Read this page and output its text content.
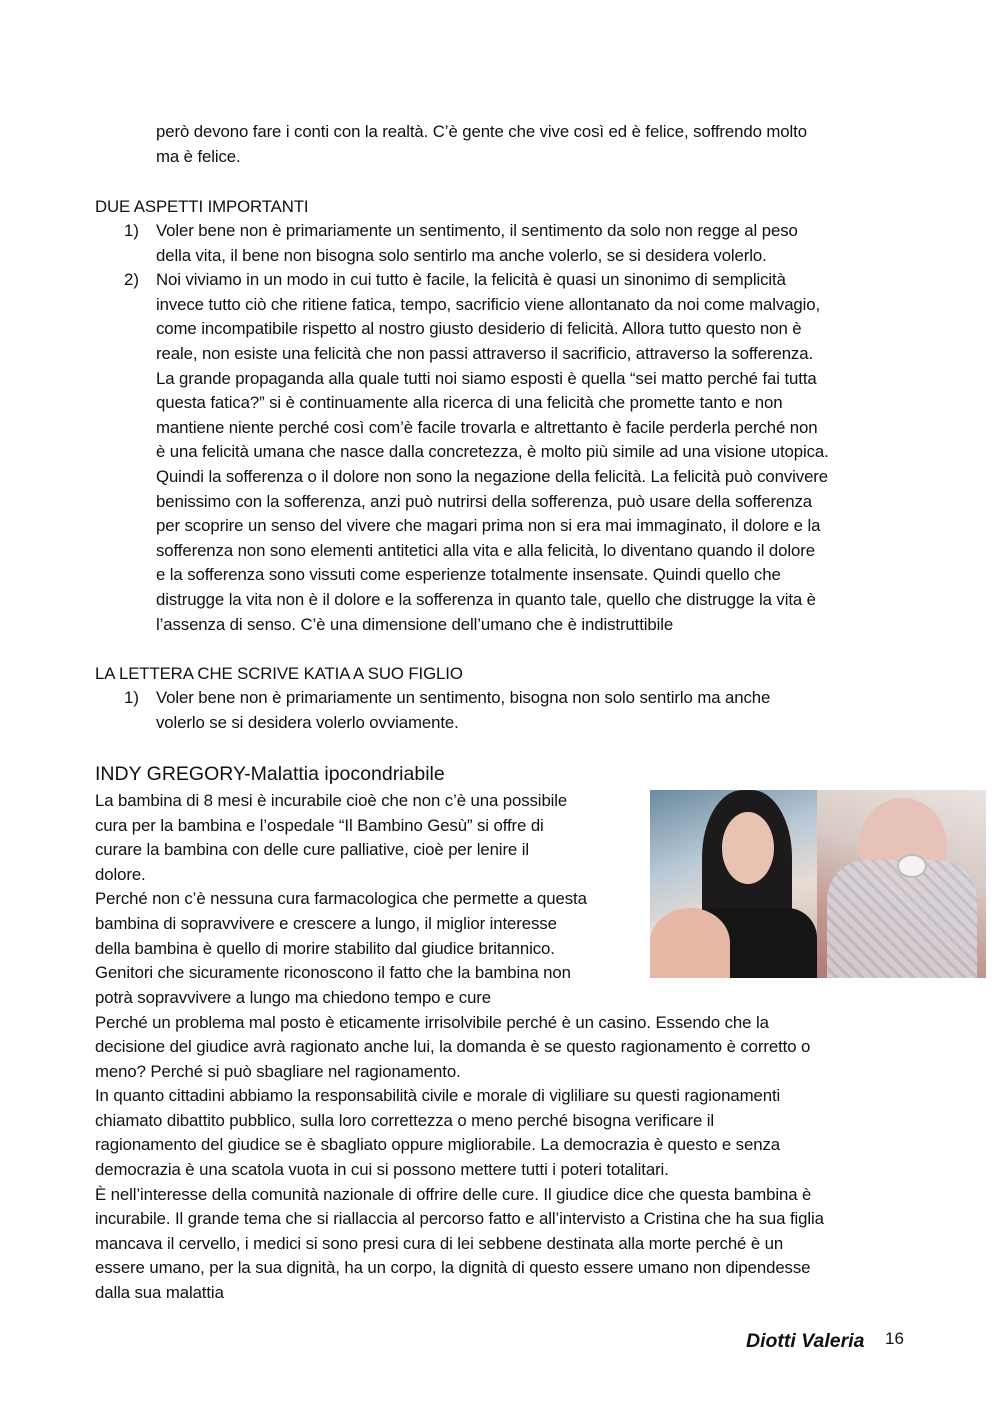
però devono fare i conti con la realtà. C’è gente che vive così ed è felice, soffrendo molto
ma è felice.
DUE ASPETTI IMPORTANTI
1) Voler bene non è primariamente un sentimento, il sentimento da solo non regge al peso
della vita, il bene non bisogna solo sentirlo ma anche volerlo, se si desidera volerlo.
2) Noi viviamo in un modo in cui tutto è facile, la felicità è quasi un sinonimo di semplicità
invece tutto ciò che ritiene fatica, tempo, sacrificio viene allontanato da noi come malvagio,
come incompatibile rispetto al nostro giusto desiderio di felicità. Allora tutto questo non è
reale, non esiste una felicità che non passi attraverso il sacrificio, attraverso la sofferenza.
La grande propaganda alla quale tutti noi siamo esposti è quella “sei matto perché fai tutta
questa fatica?” si è continuamente alla ricerca di una felicità che promette tanto e non
mantiene niente perché così com’è facile trovarla e altrettanto è facile perderla perché non
è una felicità umana che nasce dalla concretezza, è molto più simile ad una visione utopica.
Quindi la sofferenza o il dolore non sono la negazione della felicità. La felicità può convivere
benissimo con la sofferenza, anzi può nutrirsi della sofferenza, può usare della sofferenza
per scoprire un senso del vivere che magari prima non si era mai immaginato, il dolore e la
sofferenza non sono elementi antitetici alla vita e alla felicità, lo diventano quando il dolore
e la sofferenza sono vissuti come esperienze totalmente insensate. Quindi quello che
distrugge la vita non è il dolore e la sofferenza in quanto tale, quello che distrugge la vita è
l’assenza di senso. C’è una dimensione dell’umano che è indistruttibile
LA LETTERA CHE SCRIVE KATIA A SUO FIGLIO
1) Voler bene non è primariamente un sentimento, bisogna non solo sentirlo ma anche
volerlo se si desidera volerlo ovviamente.
INDY GREGORY-Malattia ipocondriabile
La bambina di 8 mesi è incurabile cioè che non c’è una possibile
cura per la bambina e l’ospedale “Il Bambino Gesù” si offre di
curare la bambina con delle cure palliative, cioè per lenire il
dolore.
Perché non c’è nessuna cura farmacologica che permette a questa
bambina di sopravvivere e crescere a lungo, il miglior interesse
della bambina è quello di morire stabilito dal giudice britannico.
Genitori che sicuramente riconoscono il fatto che la bambina non
potrà sopravvivere a lungo ma chiedono tempo e cure
Perché un problema mal posto è eticamente irrisolvibile perché è un casino. Essendo che la
decisione del giudice avrà ragionato anche lui, la domanda è se questo ragionamento è corretto o
meno? Perché si può sbagliare nel ragionamento.
In quanto cittadini abbiamo la responsabilità civile e morale di vigliliare su questi ragionamenti
chiamato dibattito pubblico, sulla loro correttezza o meno perché bisogna verificare il
ragionamento del giudice se è sbagliato oppure migliorabile. La democrazia è questo e senza
democrazia è una scatola vuota in cui si possono mettere tutti i poteri totalitari.
È nell’interesse della comunità nazionale di offrire delle cure. Il giudice dice che questa bambina è
incurabile. Il grande tema che si riallaccia al percorso fatto e all’intervisto a Cristina che ha sua figlia
mancava il cervello, i medici si sono presi cura di lei sebbene destinata alla morte perché è un
essere umano, per la sua dignità, ha un corpo, la dignità di questo essere umano non dipendesse
dalla sua malattia
Diotti Valeria 16
